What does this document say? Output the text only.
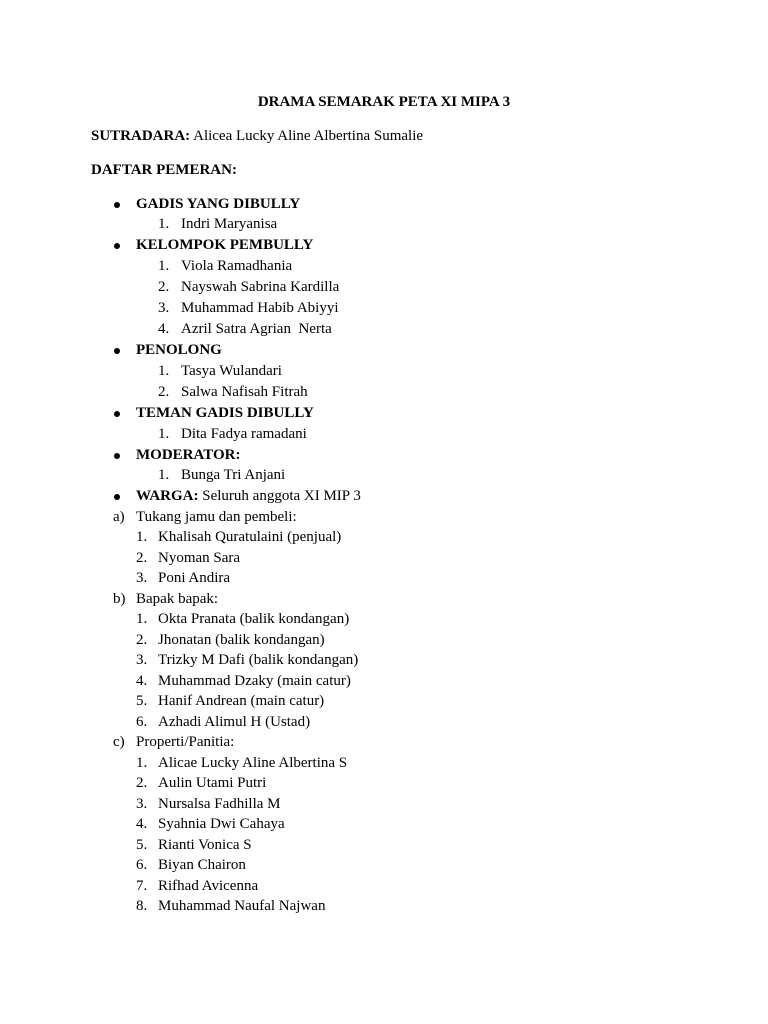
DRAMA SEMARAK PETA XI MIPA 3
SUTRADARA: Alicea Lucky Aline Albertina Sumalie
DAFTAR PEMERAN:
GADIS YANG DIBULLY
1. Indri Maryanisa
KELOMPOK PEMBULLY
1. Viola Ramadhania
2. Nayswah Sabrina Kardilla
3. Muhammad Habib Abiyyi
4. Azril Satra Agrian  Nerta
PENOLONG
1. Tasya Wulandari
2. Salwa Nafisah Fitrah
TEMAN GADIS DIBULLY
1. Dita Fadya ramadani
MODERATOR:
1. Bunga Tri Anjani
WARGA: Seluruh anggota XI MIP 3
a) Tukang jamu dan pembeli:
1. Khalisah Quratulaini (penjual)
2. Nyoman Sara
3. Poni Andira
b) Bapak bapak:
1. Okta Pranata (balik kondangan)
2. Jhonatan (balik kondangan)
3. Trizky M Dafi (balik kondangan)
4. Muhammad Dzaky (main catur)
5. Hanif Andrean (main catur)
6. Azhadi Alimul H (Ustad)
c) Properti/Panitia:
1. Alicae Lucky Aline Albertina S
2. Aulin Utami Putri
3. Nursalsa Fadhilla M
4. Syahnia Dwi Cahaya
5. Rianti Vonica S
6. Biyan Chairon
7. Rifhad Avicenna
8. Muhammad Naufal Najwan
